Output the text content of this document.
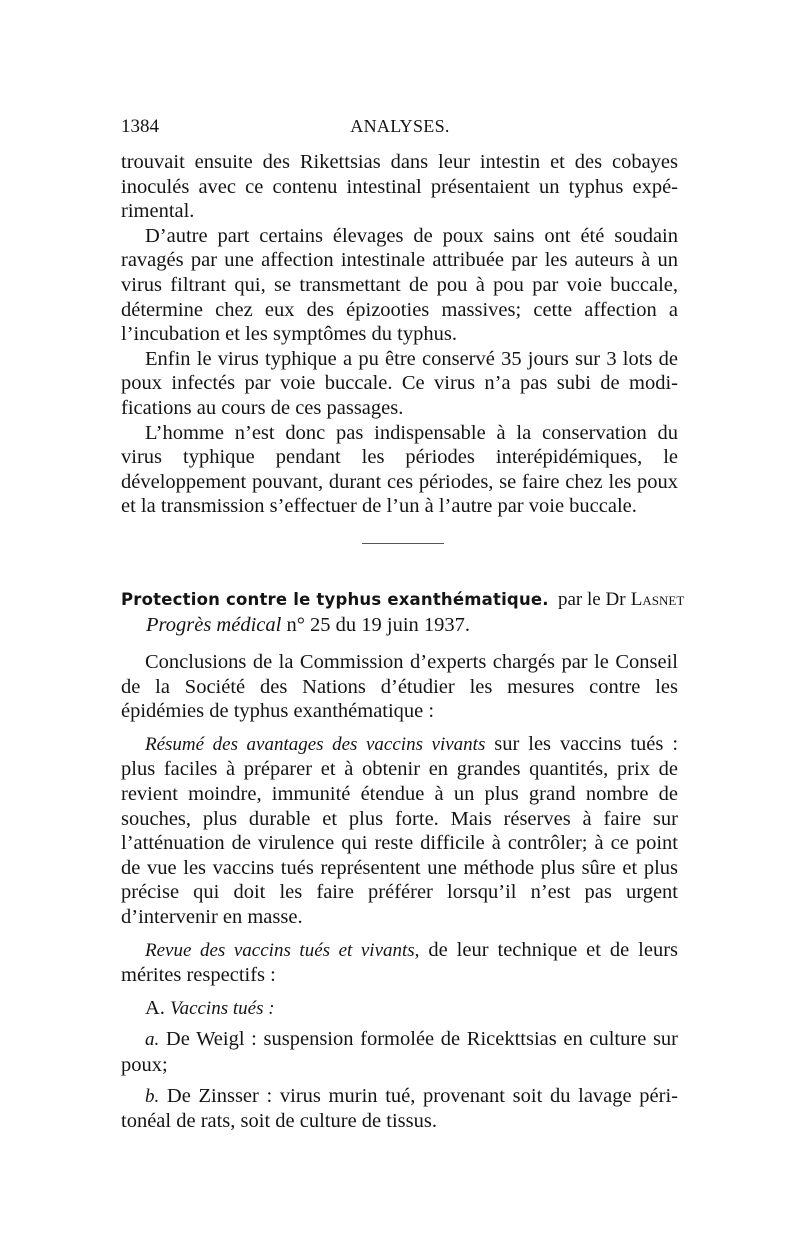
1384	ANALYSES.

trouvait ensuite des Rikettsias dans leur intestin et des cobayes inoculés avec ce contenu intestinal présentaient un typhus expérimental.

D’autre part certains élevages de poux sains ont été soudain ravagés par une affection intestinale attribuée par les auteurs à un virus filtrant qui, se transmettant de pou à pou par voie buccale, détermine chez eux des épizooties massives; cette affection a l’incubation et les symptômes du typhus.

Enfin le virus typhique a pu être conservé 35 jours sur 3 lots de poux infectés par voie buccale. Ce virus n’a pas subi de modifications au cours de ces passages.

L’homme n’est donc pas indispensable à la conservation du virus typhique pendant les périodes interépidémiques, le développement pouvant, durant ces périodes, se faire chez les poux et la transmission s’effectuer de l’un à l’autre par voie buccale.

Protection contre le typhus exanthématique. par le Dr Lasnet
Progrès médical n° 25 du 19 juin 1937.

Conclusions de la Commission d’experts chargés par le Conseil de la Société des Nations d’étudier les mesures contre les épidémies de typhus exanthématique :

Résumé des avantages des vaccins vivants sur les vaccins tués : plus faciles à préparer et à obtenir en grandes quantités, prix de revient moindre, immunité étendue à un plus grand nombre de souches, plus durable et plus forte. Mais réserves à faire sur l’atténuation de virulence qui reste difficile à contrôler; à ce point de vue les vaccins tués représentent une méthode plus sûre et plus précise qui doit les faire préférer lorsqu’il n’est pas urgent d’intervenir en masse.

Revue des vaccins tués et vivants, de leur technique et de leurs mérites respectifs :

A. Vaccins tués :

a. De Weigl : suspension formolée de Ricekttsias en culture sur poux;

b. De Zinsser : virus murin tué, provenant soit du lavage péritonéal de rats, soit de culture de tissus.
